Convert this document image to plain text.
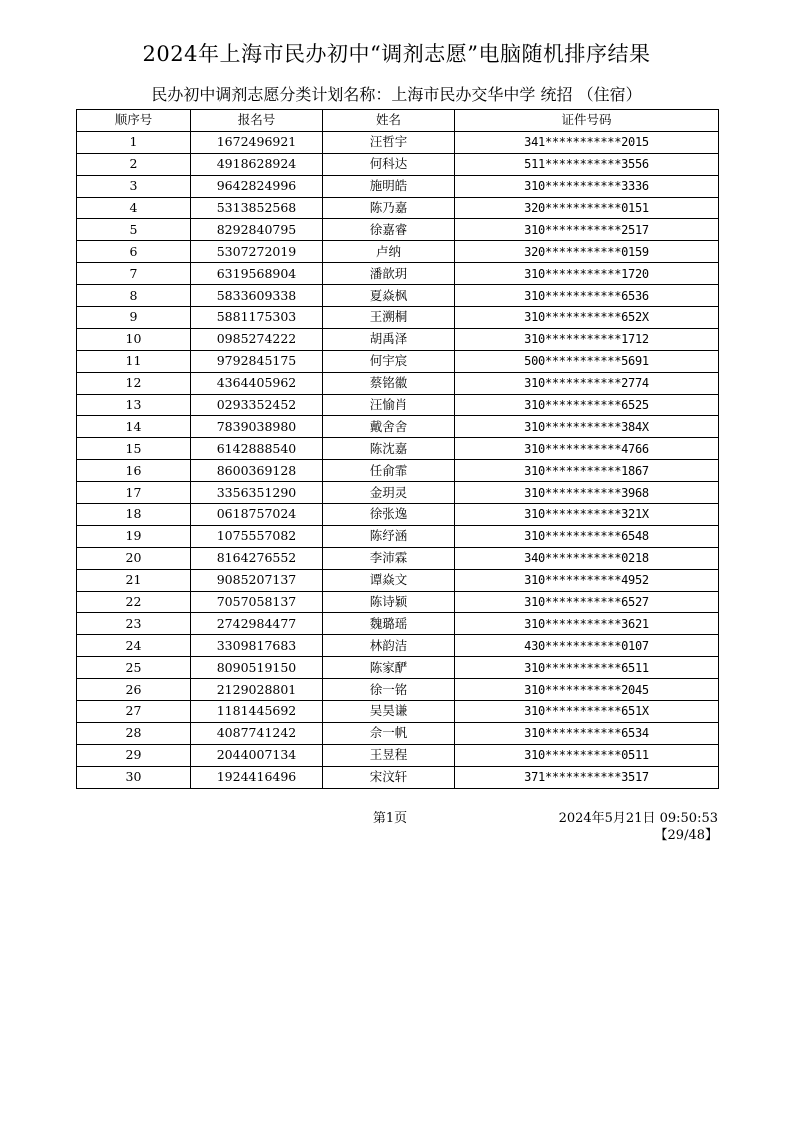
2024年上海市民办初中“调剂志愿”电脑随机排序结果
民办初中调剂志愿分类计划名称：上海市民办交华中学 统招 （住宿）
顺序号	报名号	姓名	证件号码
1	1672496921	汪哲宇	341***********2015
2	4918628924	何科达	511***********3556
3	9642824996	施明皓	310***********3336
4	5313852568	陈乃嘉	320***********0151
5	8292840795	徐嘉睿	310***********2517
6	5307272019	卢纳	320***********0159
7	6319568904	潘歆玥	310***********1720
8	5833609338	夏焱枫	310***********6536
9	5881175303	王溯桐	310***********652X
10	0985274222	胡禹泽	310***********1712
11	9792845175	何宇宸	500***********5691
12	4364405962	蔡铭徽	310***********2774
13	0293352452	汪愉肖	310***********6525
14	7839038980	戴舍舍	310***********384X
15	6142888540	陈沈嘉	310***********4766
16	8600369128	任俞霏	310***********1867
17	3356351290	金玥灵	310***********3968
18	0618757024	徐张逸	310***********321X
19	1075557082	陈纾涵	310***********6548
20	8164276552	李沛霖	340***********0218
21	9085207137	谭焱文	310***********4952
22	7057058137	陈诗颖	310***********6527
23	2742984477	魏璐瑶	310***********3621
24	3309817683	林韵洁	430***********0107
25	8090519150	陈家酽	310***********6511
26	2129028801	徐一铭	310***********2045
27	1181445692	吴昊谦	310***********651X
28	4087741242	佘一帆	310***********6534
29	2044007134	王昱程	310***********0511
30	1924416496	宋汶轩	371***********3517
第1页	2024年5月21日 09:50:53
【29/48】
